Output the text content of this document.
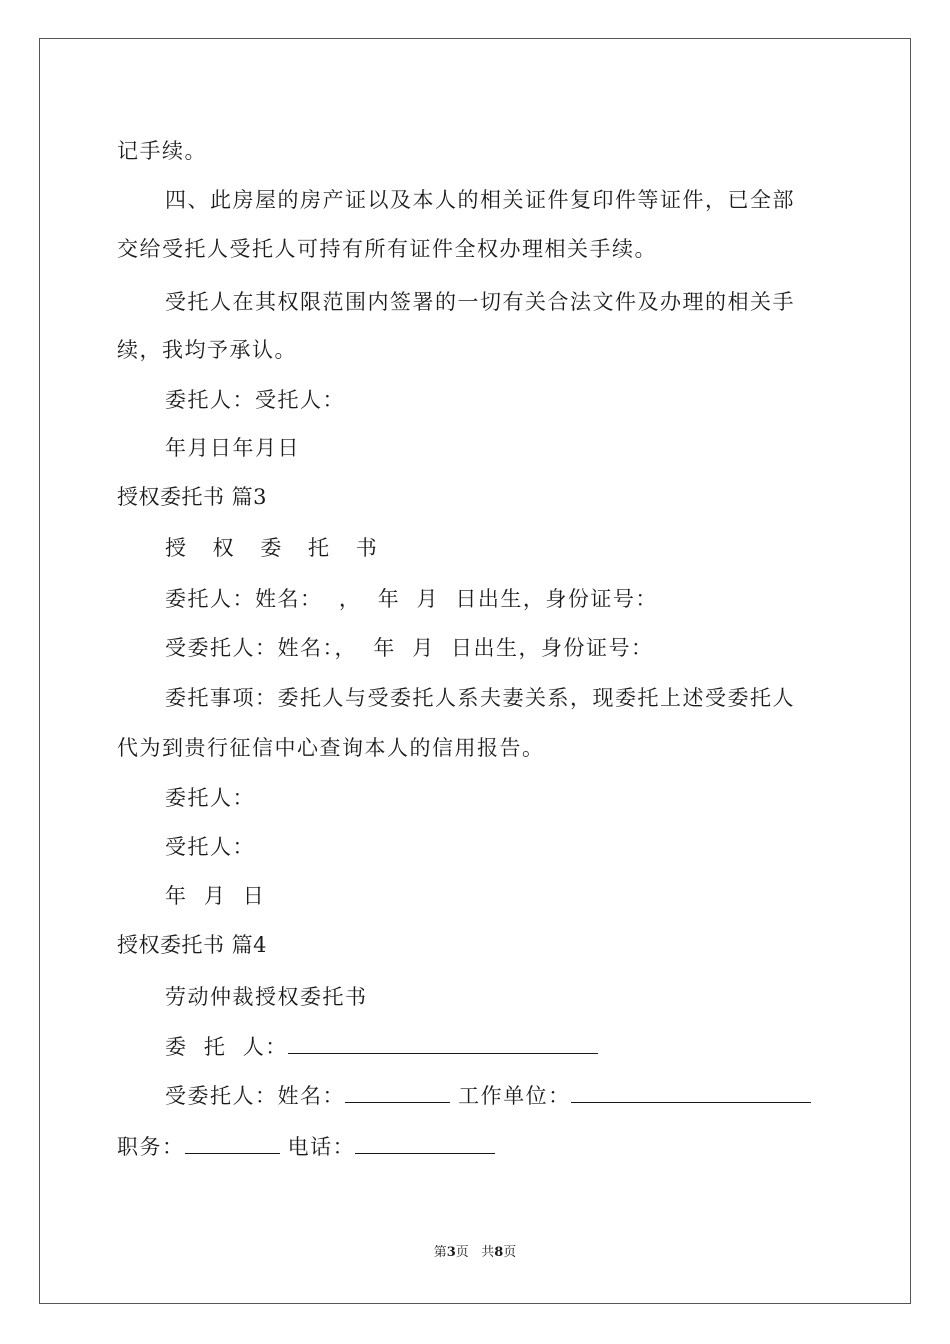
记手续。
四、此房屋的房产证以及本人的相关证件复印件等证件，已全部
交给受托人受托人可持有所有证件全权办理相关手续。
受托人在其权限范围内签署的一切有关合法文件及办理的相关手
续，我均予承认。
委托人：受托人：
年月日年月日
授权委托书 篇3
授 权 委 托 书
委托人：姓名：  ，  年  月  日出生，身份证号：
受委托人：姓名：，  年  月  日出生，身份证号：
委托事项：委托人与受委托人系夫妻关系，现委托上述受委托人
代为到贵行征信中心查询本人的信用报告。
委托人：
受托人：
年  月  日
授权委托书 篇4
劳动仲裁授权委托书
委  托  人：
受委托人：姓名：	工作单位：
职务：	电话：
第3页   共8页
